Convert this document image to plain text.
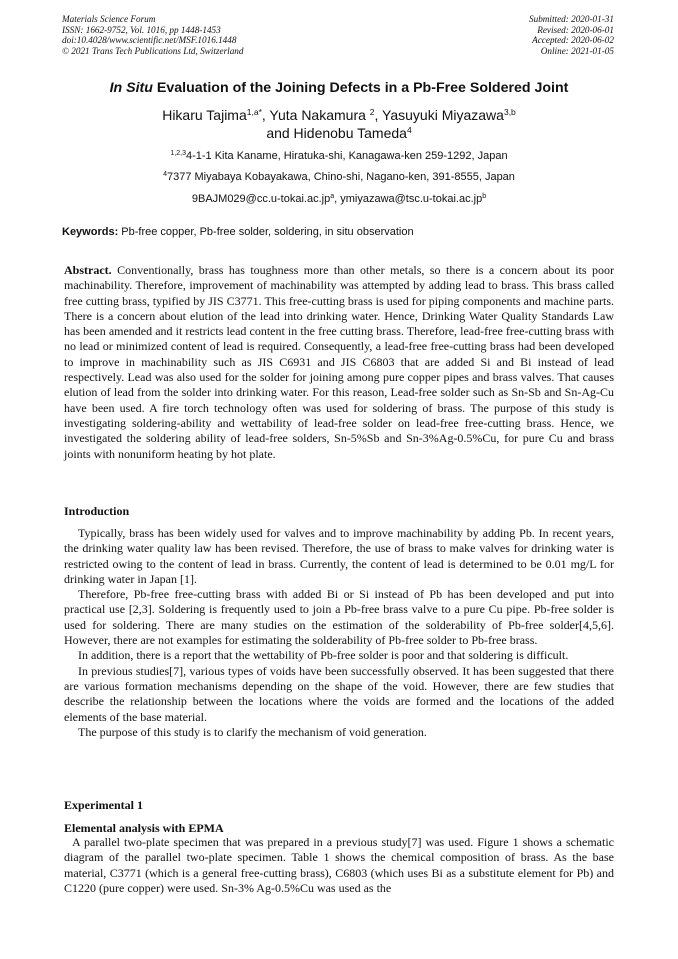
Materials Science Forum
ISSN: 1662-9752, Vol. 1016, pp 1448-1453
doi:10.4028/www.scientific.net/MSF.1016.1448
© 2021 Trans Tech Publications Ltd, Switzerland
Submitted: 2020-01-31
Revised: 2020-06-01
Accepted: 2020-06-02
Online: 2021-01-05
In Situ Evaluation of the Joining Defects in a Pb-Free Soldered Joint
Hikaru Tajima$^{1,a*}$, Yuta Nakamura $^2$, Yasuyuki Miyazawa$^{3,b}$
and Hidenobu Tameda$^4$
$^{1,2,3}$4-1-1 Kita Kaname, Hiratuka-shi, Kanagawa-ken 259-1292, Japan
$^4$7377 Miyabaya Kobayakawa, Chino-shi, Nagano-ken, 391-8555, Japan
$9BAJM029@cc.u-tokai.ac.jp^a$, $ymiyazawa@tsc.u-tokai.ac.jp^b$
Keywords: Pb-free copper, Pb-free solder, soldering, in situ observation
Abstract. Conventionally, brass has toughness more than other metals, so there is a concern about its poor machinability. Therefore, improvement of machinability was attempted by adding lead to brass. This brass called free cutting brass, typified by JIS C3771. This free-cutting brass is used for piping components and machine parts. There is a concern about elution of the lead into drinking water. Hence, Drinking Water Quality Standards Law has been amended and it restricts lead content in the free cutting brass. Therefore, lead-free free-cutting brass with no lead or minimized content of lead is required. Consequently, a lead-free free-cutting brass had been developed to improve in machinability such as JIS C6931 and JIS C6803 that are added Si and Bi instead of lead respectively. Lead was also used for the solder for joining among pure copper pipes and brass valves. That causes elution of lead from the solder into drinking water. For this reason, Lead-free solder such as Sn-Sb and Sn-Ag-Cu have been used. A fire torch technology often was used for soldering of brass. The purpose of this study is investigating soldering-ability and wettability of lead-free solder on lead-free free-cutting brass. Hence, we investigated the soldering ability of lead-free solders, Sn-5%Sb and Sn-3%Ag-0.5%Cu, for pure Cu and brass joints with nonuniform heating by hot plate.
Introduction

Typically, brass has been widely used for valves and to improve machinability by adding Pb. In recent years, the drinking water quality law has been revised. Therefore, the use of brass to make valves for drinking water is restricted owing to the content of lead in brass. Currently, the content of lead is determined to be 0.01 mg/L for drinking water in Japan [1].

Therefore, Pb-free free-cutting brass with added Bi or Si instead of Pb has been developed and put into practical use [2,3]. Soldering is frequently used to join a Pb-free brass valve to a pure Cu pipe. Pb-free solder is used for soldering. There are many studies on the estimation of the solderability of Pb-free solder[4,5,6]. However, there are not examples for estimating the solderability of Pb-free solder to Pb-free brass.

In addition, there is a report that the wettability of Pb-free solder is poor and that soldering is difficult.

In previous studies[7], various types of voids have been successfully observed. It has been suggested that there are various formation mechanisms depending on the shape of the void. However, there are few studies that describe the relationship between the locations where the voids are formed and the locations of the added elements of the base material.

The purpose of this study is to clarify the mechanism of void generation.

Experimental 1
Elemental analysis with EPMA

A parallel two-plate specimen that was prepared in a previous study[7] was used. Figure 1 shows a schematic diagram of the parallel two-plate specimen. Table 1 shows the chemical composition of brass. As the base material, C3771 (which is a general free-cutting brass), C6803 (which uses Bi as a substitute element for Pb) and C1220 (pure copper) were used. Sn-3% Ag-0.5%Cu was used as the
